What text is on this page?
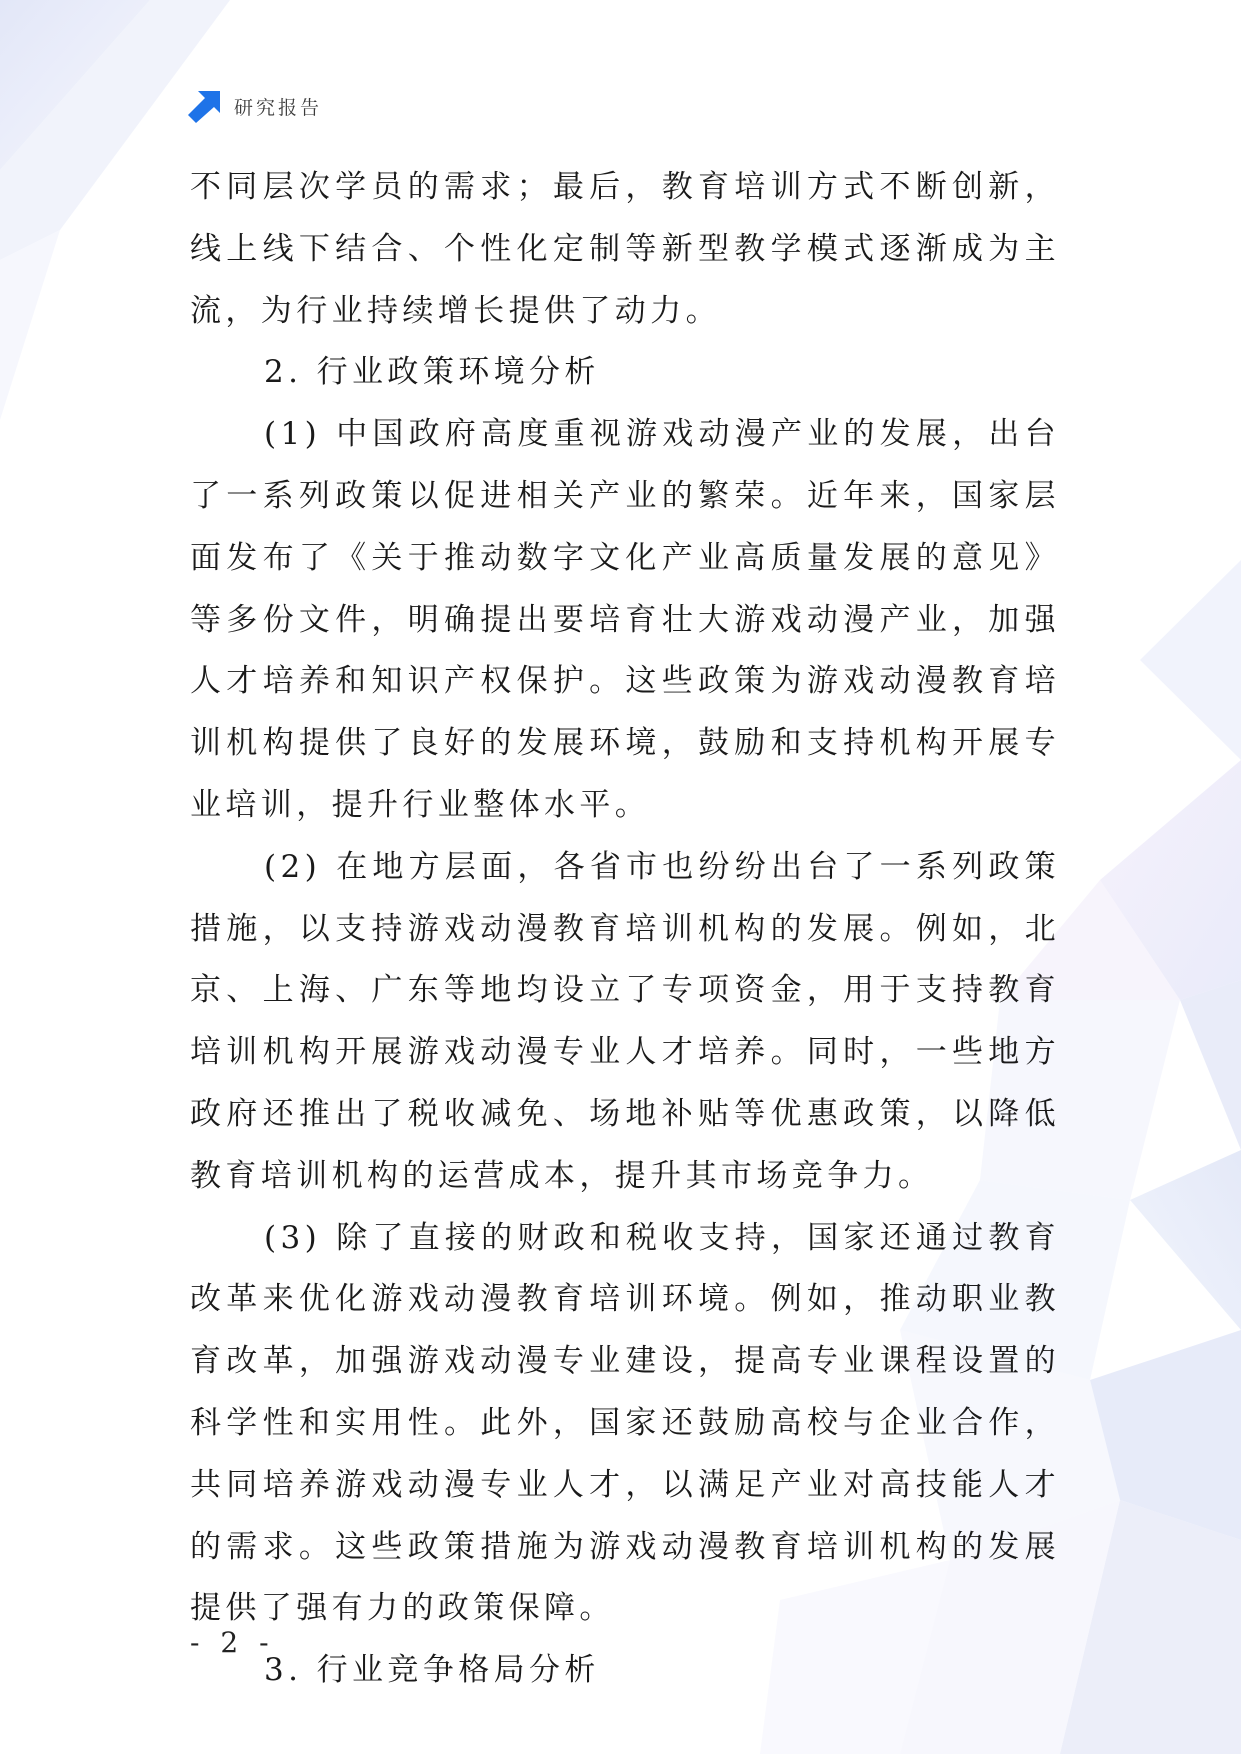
研究报告

不同层次学员的需求；最后，教育培训方式不断创新，线上线下结合、个性化定制等新型教学模式逐渐成为主流，为行业持续增长提供了动力。

2. 行业政策环境分析

(1) 中国政府高度重视游戏动漫产业的发展，出台了一系列政策以促进相关产业的繁荣。近年来，国家层面发布了《关于推动数字文化产业高质量发展的意见》等多份文件，明确提出要培育壮大游戏动漫产业，加强人才培养和知识产权保护。这些政策为游戏动漫教育培训机构提供了良好的发展环境，鼓励和支持机构开展专业培训，提升行业整体水平。

(2) 在地方层面，各省市也纷纷出台了一系列政策措施，以支持游戏动漫教育培训机构的发展。例如，北京、上海、广东等地均设立了专项资金，用于支持教育培训机构开展游戏动漫专业人才培养。同时，一些地方政府还推出了税收减免、场地补贴等优惠政策，以降低教育培训机构的运营成本，提升其市场竞争力。

(3) 除了直接的财政和税收支持，国家还通过教育改革来优化游戏动漫教育培训环境。例如，推动职业教育改革，加强游戏动漫专业建设，提高专业课程设置的科学性和实用性。此外，国家还鼓励高校与企业合作，共同培养游戏动漫专业人才，以满足产业对高技能人才的需求。这些政策措施为游戏动漫教育培训机构的发展提供了强有力的政策保障。

3. 行业竞争格局分析

- 2 -
